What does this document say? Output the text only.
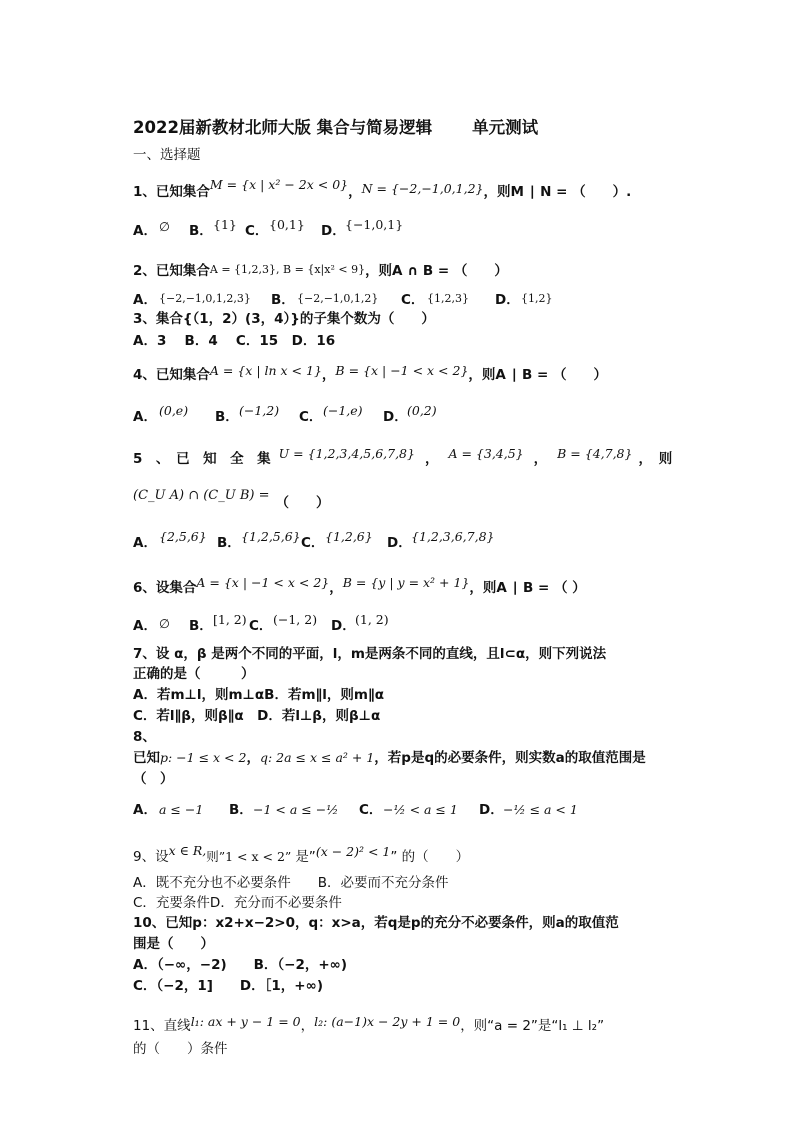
2022届新教材北师大版 集合与简易逻辑 单元测试
一、选择题
1、已知集合M = {x | x² − 2x < 0}，N = {−2,−1,0,1,2}，则M ∣ N = （　　）.
A． ∅ B．{1} C．{0,1} D．{−1,0,1}
2、已知集合A = {1,2,3}, B = {x|x² < 9}，则A ∩ B = （　　）
A． {−2,−1,0,1,2,3} B． {−2,−1,0,1,2} C． {1,2,3} D．{1,2}
3、集合{（1，2）(3，4）}的子集个数为（　　）
A．3　 B．4　 C．15　D．16
4、已知集合A = {x | ln x < 1}，B = {x | −1 < x < 2}，则A ∣ B = （　　）
A． (0,e) B．(−1,2) C．(−1,e) D．(0,2)
5　、　已　知　全　集 U = {1,2,3,4,5,6,7,8} ， A = {3,4,5} ， B = {4,7,8} ，　则
(C_U A) ∩ (C_U B) = （　　）
A． {2,5,6} B．{1,2,5,6}C．{1,2,6} D．{1,2,3,6,7,8}
6、设集合A = {x | −1 < x < 2}，B = {y | y = x² + 1}，则A ∣ B = （ ）
A． ∅ B．[1, 2) C．(−1, 2) D．(1, 2)
7、设 α，β 是两个不同的平面，l，m是两条不同的直线，且l⊂α，则下列说法
正确的是（　　　）
A．若m⊥l，则m⊥αB．若m∥l，则m∥α
C．若l∥β，则β∥α　D．若l⊥β，则β⊥α
8、
已知p: −1 ≤ x < 2，q: 2a ≤ x ≤ a² + 1，若p是q的必要条件，则实数a的取值范围是
（　）
A． a ≤ −1 B．−1 < a ≤ −½ C．−½ < a ≤ 1 D．−½ ≤ a < 1
9、设x ∈ R,则”1 < x < 2” 是”(x − 2)² < 1” 的（　　）
A．既不充分也不必要条件　　B．必要而不充分条件
C．充要条件D．充分而不必要条件
10、已知p：x2+x−2>0，q：x>a，若q是p的充分不必要条件，则a的取值范
围是（　　）
A．（−∞，−2)　　B．（−2，+∞)
C．（−2，1]　　D．［1，+∞)
11、直线l₁: ax + y − 1 = 0，l₂: (a−1)x − 2y + 1 = 0，则“a = 2”是“l₁ ⊥ l₂”
的（　　）条件
